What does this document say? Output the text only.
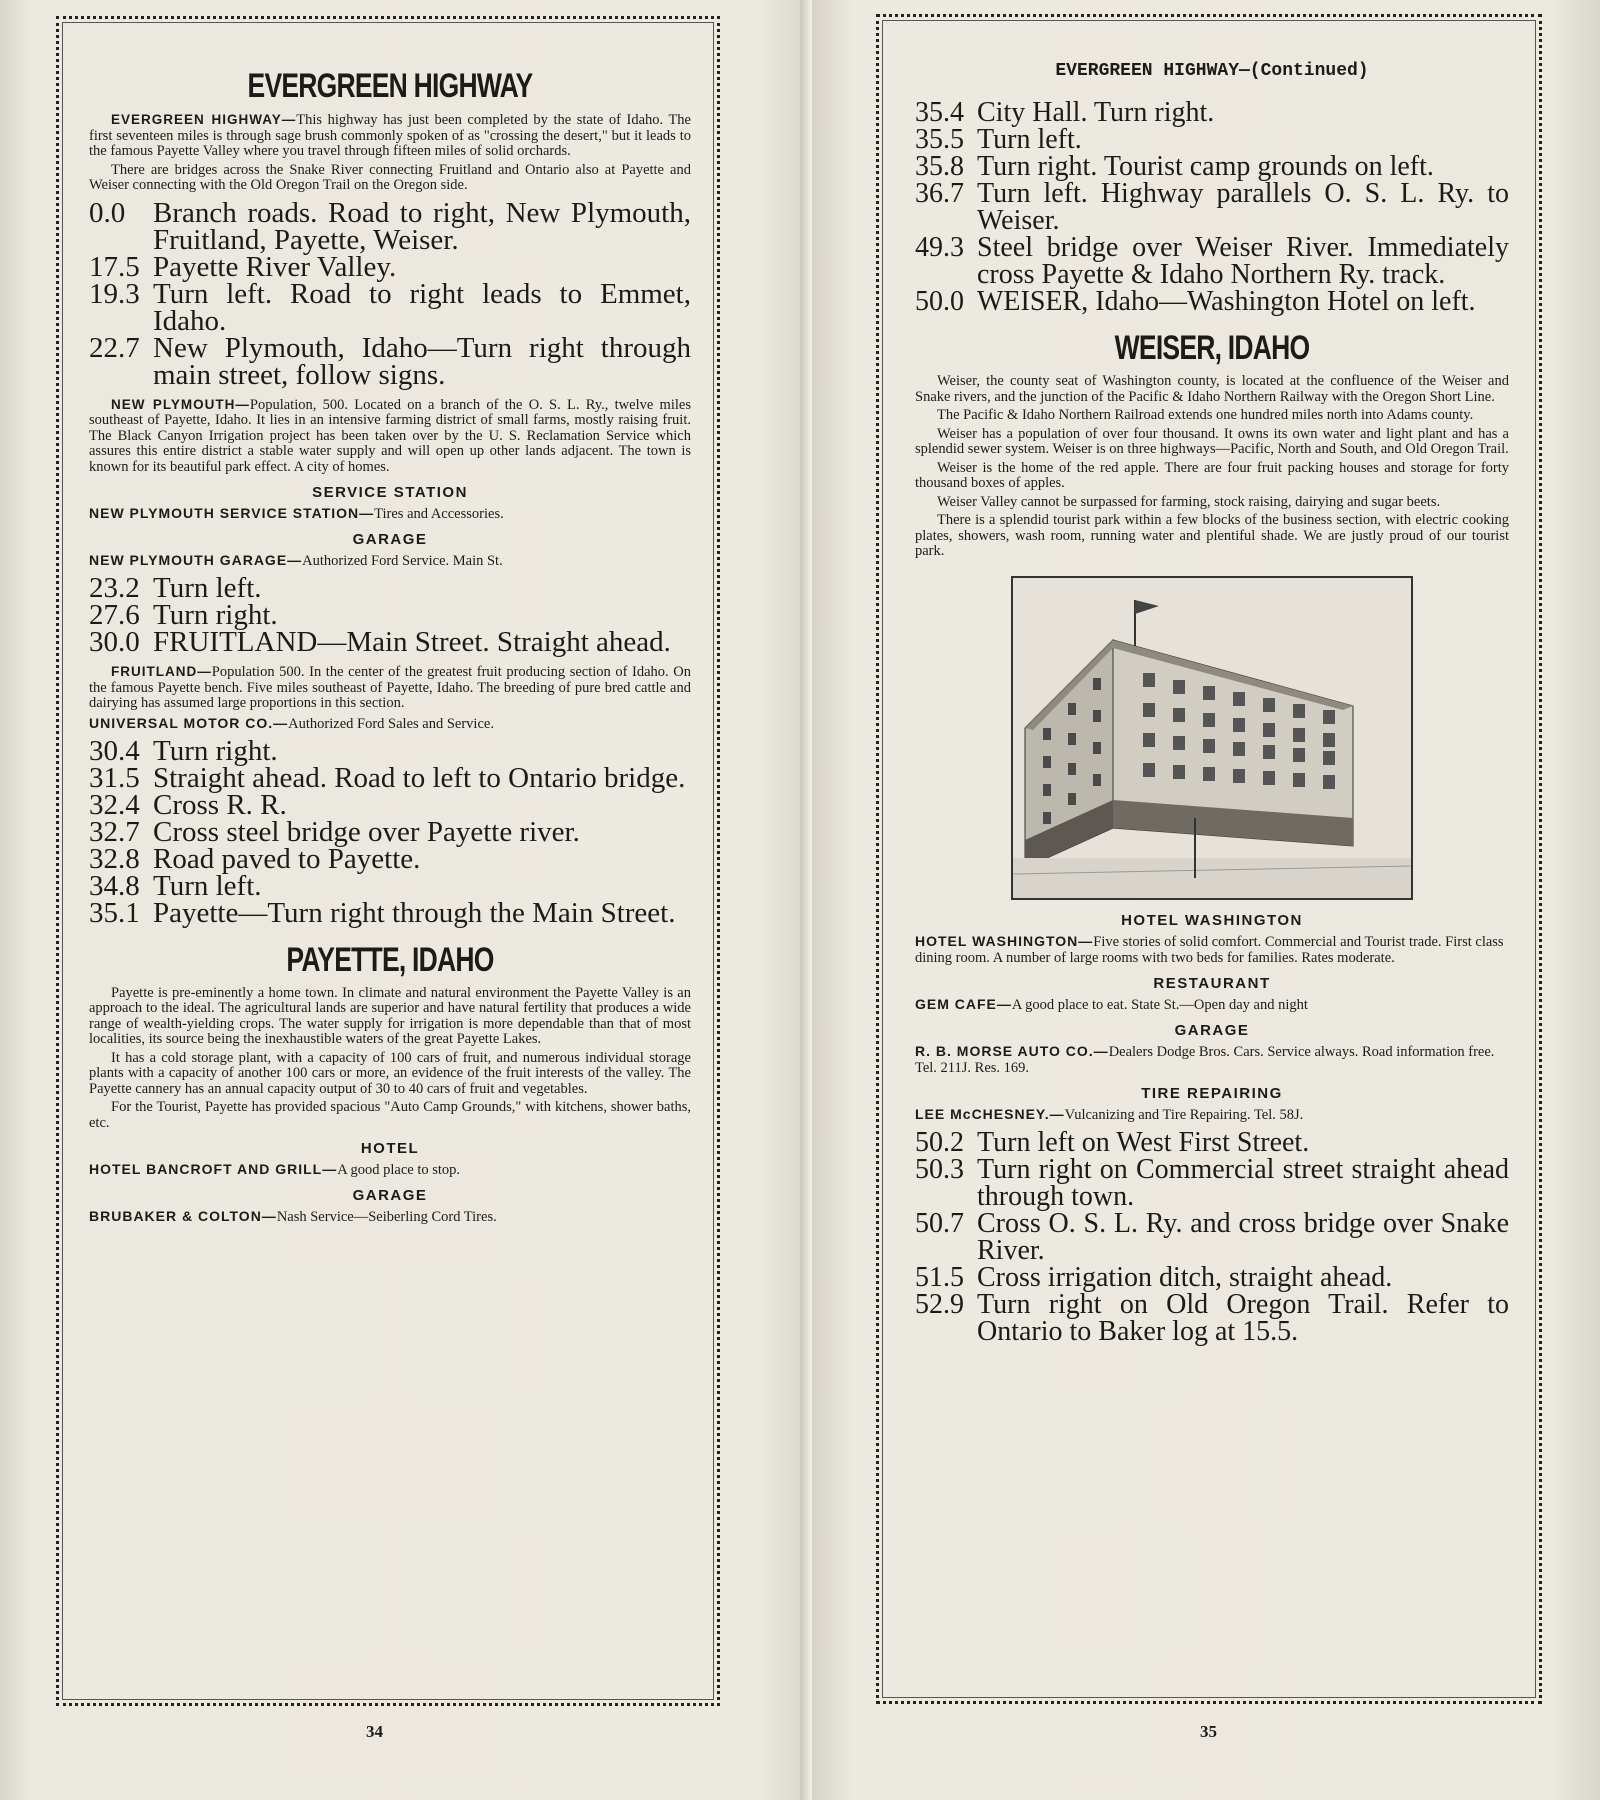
EVERGREEN HIGHWAY

EVERGREEN HIGHWAY—This highway has just been completed by the state of Idaho. The first seventeen miles is through sage brush commonly spoken of as "crossing the desert," but it leads to the famous Payette Valley where you travel through fifteen miles of solid orchards.

There are bridges across the Snake River connecting Fruitland and Ontario also at Payette and Weiser connecting with the Old Oregon Trail on the Oregon side.

0.0 Branch roads. Road to right, New Plymouth, Fruitland, Payette, Weiser.
17.5 Payette River Valley.
19.3 Turn left. Road to right leads to Emmet, Idaho.
22.7 New Plymouth, Idaho—Turn right through main street, follow signs.

NEW PLYMOUTH—Population, 500. Located on a branch of the O. S. L. Ry., twelve miles southeast of Payette, Idaho. It lies in an intensive farming district of small farms, mostly raising fruit. The Black Canyon Irrigation project has been taken over by the U. S. Reclamation Service which assures this entire district a stable water supply and will open up other lands adjacent. The town is known for its beautiful park effect. A city of homes.

SERVICE STATION

NEW PLYMOUTH SERVICE STATION—Tires and Accessories.

GARAGE

NEW PLYMOUTH GARAGE—Authorized Ford Service. Main St.

23.2 Turn left.
27.6 Turn right.
30.0 FRUITLAND—Main Street. Straight ahead.

FRUITLAND—Population 500. In the center of the greatest fruit producing section of Idaho. On the famous Payette bench. Five miles southeast of Payette, Idaho. The breeding of pure bred cattle and dairying has assumed large proportions in this section.

UNIVERSAL MOTOR CO.—Authorized Ford Sales and Service.

30.4 Turn right.
31.5 Straight ahead. Road to left to Ontario bridge.
32.4 Cross R. R.
32.7 Cross steel bridge over Payette river.
32.8 Road paved to Payette.
34.8 Turn left.
35.1 Payette—Turn right through the Main Street.
PAYETTE, IDAHO

Payette is pre-eminently a home town. In climate and natural environment the Payette Valley is an approach to the ideal. The agricultural lands are superior and have natural fertility that produces a wide range of wealth-yielding crops. The water supply for irrigation is more dependable than that of most localities, its source being the inexhaustible waters of the great Payette Lakes.

It has a cold storage plant, with a capacity of 100 cars of fruit, and numerous individual storage plants with a capacity of another 100 cars or more, an evidence of the fruit interests of the valley. The Payette cannery has an annual capacity output of 30 to 40 cars of fruit and vegetables.

For the Tourist, Payette has provided spacious "Auto Camp Grounds," with kitchens, shower baths, etc.

HOTEL

HOTEL BANCROFT AND GRILL—A good place to stop.

GARAGE

BRUBAKER & COLTON—Nash Service—Seiberling Cord Tires.

34
EVERGREEN HIGHWAY—(Continued)
35.4 City Hall. Turn right.
35.5 Turn left.
35.8 Turn right. Tourist camp grounds on left.
36.7 Turn left. Highway parallels O. S. L. Ry. to Weiser.
49.3 Steel bridge over Weiser River. Immediately cross Payette & Idaho Northern Ry. track.
50.0 WEISER, Idaho—Washington Hotel on left.
WEISER, IDAHO

Weiser, the county seat of Washington county, is located at the confluence of the Weiser and Snake rivers, and the junction of the Pacific & Idaho Northern Railway with the Oregon Short Line.

The Pacific & Idaho Northern Railroad extends one hundred miles north into Adams county.

Weiser has a population of over four thousand. It owns its own water and light plant and has a splendid sewer system. Weiser is on three highways—Pacific, North and South, and Old Oregon Trail.

Weiser is the home of the red apple. There are four fruit packing houses and storage for forty thousand boxes of apples.

Weiser Valley cannot be surpassed for farming, stock raising, dairying and sugar beets.

There is a splendid tourist park within a few blocks of the business section, with electric cooking plates, showers, wash room, running water and plentiful shade. We are justly proud of our tourist park.

HOTEL WASHINGTON

HOTEL WASHINGTON—Five stories of solid comfort. Commercial and Tourist trade. First class dining room. A number of large rooms with two beds for families. Rates moderate.

RESTAURANT

GEM CAFE—A good place to eat. State St.—Open day and night

GARAGE

R. B. MORSE AUTO CO.—Dealers Dodge Bros. Cars. Service always. Road information free. Tel. 211J. Res. 169.

TIRE REPAIRING

LEE McCHESNEY.—Vulcanizing and Tire Repairing. Tel. 58J.

50.2 Turn left on West First Street.
50.3 Turn right on Commercial street straight ahead through town.
50.7 Cross O. S. L. Ry. and cross bridge over Snake River.
51.5 Cross irrigation ditch, straight ahead.
52.9 Turn right on Old Oregon Trail. Refer to Ontario to Baker log at 15.5.
35
